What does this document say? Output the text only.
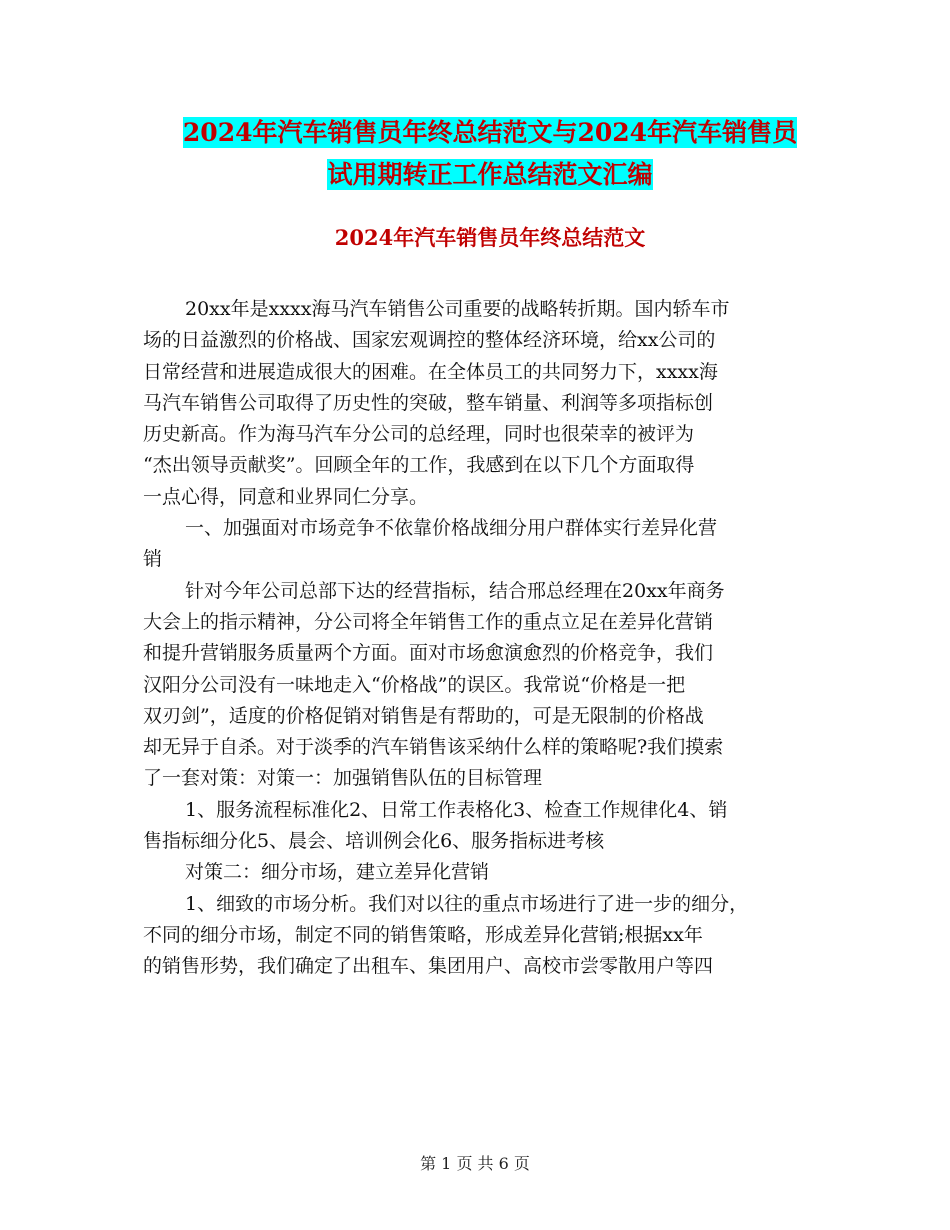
2024年汽车销售员年终总结范文与2024年汽车销售员
试用期转正工作总结范文汇编
2024年汽车销售员年终总结范文
20xx年是xxxx海马汽车销售公司重要的战略转折期。国内轿车市
场的日益激烈的价格战、国家宏观调控的整体经济环境，给xx公司的
日常经营和进展造成很大的困难。在全体员工的共同努力下，xxxx海
马汽车销售公司取得了历史性的突破，整车销量、利润等多项指标创
历史新高。作为海马汽车分公司的总经理，同时也很荣幸的被评为
“杰出领导贡献奖”。回顾全年的工作，我感到在以下几个方面取得
一点心得，同意和业界同仁分享。
一、加强面对市场竞争不依靠价格战细分用户群体实行差异化营
销
针对今年公司总部下达的经营指标，结合邢总经理在20xx年商务
大会上的指示精神，分公司将全年销售工作的重点立足在差异化营销
和提升营销服务质量两个方面。面对市场愈演愈烈的价格竞争，我们
汉阳分公司没有一味地走入“价格战”的误区。我常说“价格是一把
双刃剑”，适度的价格促销对销售是有帮助的，可是无限制的价格战
却无异于自杀。对于淡季的汽车销售该采纳什么样的策略呢?我们摸索
了一套对策：对策一：加强销售队伍的目标管理
1、服务流程标准化2、日常工作表格化3、检查工作规律化4、销
售指标细分化5、晨会、培训例会化6、服务指标进考核
对策二：细分市场，建立差异化营销
1、细致的市场分析。我们对以往的重点市场进行了进一步的细分，
不同的细分市场，制定不同的销售策略，形成差异化营销;根据xx年
的销售形势，我们确定了出租车、集团用户、高校市尝零散用户等四
第 1 页 共 6 页
